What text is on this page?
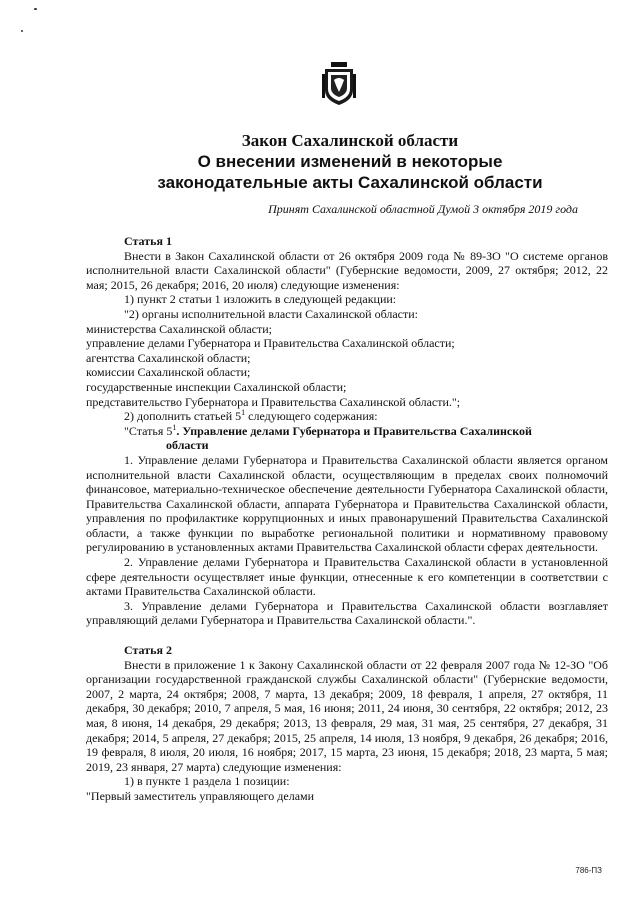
Закон Сахалинской области
О внесении изменений в некоторые
законодательные акты Сахалинской области
Принят Сахалинской областной Думой 3 октября 2019 года
Статья 1

Внести в Закон Сахалинской области от 26 октября 2009 года № 89-ЗО "О системе органов исполнительной власти Сахалинской области" (Губернские ведомости, 2009, 27 октября; 2012, 22 мая; 2015, 26 декабря; 2016, 20 июля) следующие изменения:

1) пункт 2 статьи 1 изложить в следующей редакции:
"2) органы исполнительной власти Сахалинской области:
министерства Сахалинской области;
управление делами Губернатора и Правительства Сахалинской области;
агентства Сахалинской области;
комиссии Сахалинской области;
государственные инспекции Сахалинской области;
представительство Губернатора и Правительства Сахалинской области.";
2) дополнить статьей $5^1$ следующего содержания:
"Статья $5^1$. Управление делами Губернатора и Правительства Сахалинской
области

1. Управление делами Губернатора и Правительства Сахалинской области является органом исполнительной власти Сахалинской области, осуществляющим в пределах своих полномочий финансовое, материально-техническое обеспечение деятельности Губернатора Сахалинской области, Правительства Сахалинской области, аппарата Губернатора и Правительства Сахалинской области, управления по профилактике коррупционных и иных правонарушений Правительства Сахалинской области, а также функции по выработке региональной политики и нормативному правовому регулированию в установленных актами Правительства Сахалинской области сферах деятельности.

2. Управление делами Губернатора и Правительства Сахалинской области в установленной сфере деятельности осуществляет иные функции, отнесенные к его компетенции в соответствии с актами Правительства Сахалинской области.

3. Управление делами Губернатора и Правительства Сахалинской области возглавляет управляющий делами Губернатора и Правительства Сахалинской области.".

Статья 2

Внести в приложение 1 к Закону Сахалинской области от 22 февраля 2007 года № 12-ЗО "Об организации государственной гражданской службы Сахалинской области" (Губернские ведомости, 2007, 2 марта, 24 октября; 2008, 7 марта, 13 декабря; 2009, 18 февраля, 1 апреля, 27 октября, 11 декабря, 30 декабря; 2010, 7 апреля, 5 мая, 16 июня; 2011, 24 июня, 30 сентября, 22 октября; 2012, 23 мая, 8 июня, 14 декабря, 29 декабря; 2013, 13 февраля, 29 мая, 31 мая, 25 сентября, 27 декабря, 31 декабря; 2014, 5 апреля, 27 декабря; 2015, 25 апреля, 14 июля, 13 ноября, 9 декабря, 26 декабря; 2016, 19 февраля, 8 июля, 20 июля, 16 ноября; 2017, 15 марта, 23 июня, 15 декабря; 2018, 23 марта, 5 мая; 2019, 23 января, 27 марта) следующие изменения:

1) в пункте 1 раздела 1 позиции:
"Первый заместитель управляющего делами
786-ПЗ
